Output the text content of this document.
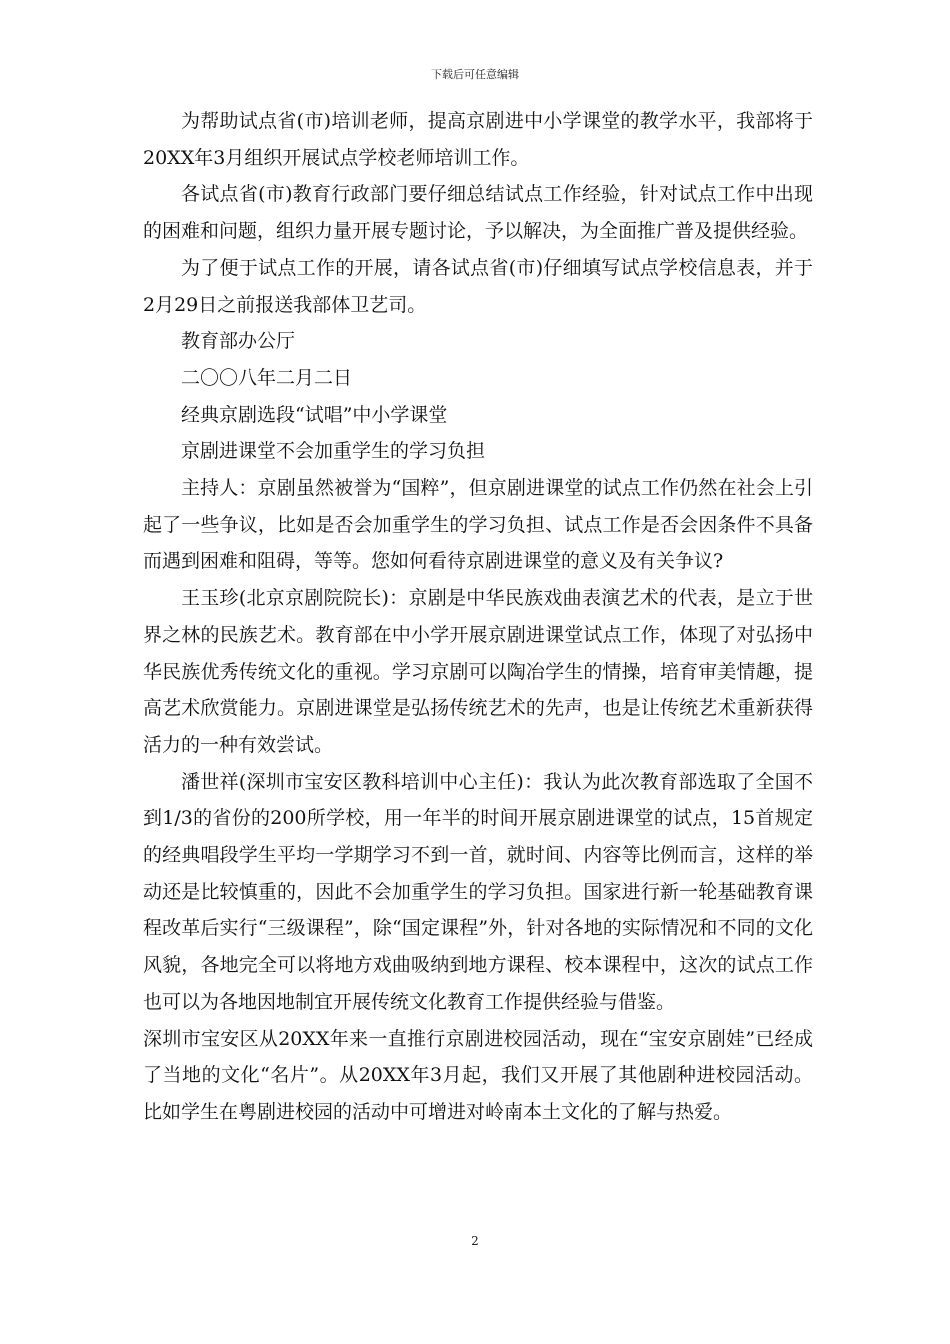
下载后可任意编辑

为帮助试点省(市)培训老师，提高京剧进中小学课堂的教学水平，我部将于20XX年3月组织开展试点学校老师培训工作。

各试点省(市)教育行政部门要仔细总结试点工作经验，针对试点工作中出现的困难和问题，组织力量开展专题讨论，予以解决，为全面推广普及提供经验。

为了便于试点工作的开展，请各试点省(市)仔细填写试点学校信息表，并于2月29日之前报送我部体卫艺司。

教育部办公厅

二〇〇八年二月二日

经典京剧选段“试唱”中小学课堂

京剧进课堂不会加重学生的学习负担

主持人：京剧虽然被誉为“国粹”，但京剧进课堂的试点工作仍然在社会上引起了一些争议，比如是否会加重学生的学习负担、试点工作是否会因条件不具备而遇到困难和阻碍，等等。您如何看待京剧进课堂的意义及有关争议?

王玉珍(北京京剧院院长)：京剧是中华民族戏曲表演艺术的代表，是立于世界之林的民族艺术。教育部在中小学开展京剧进课堂试点工作，体现了对弘扬中华民族优秀传统文化的重视。学习京剧可以陶冶学生的情操，培育审美情趣，提高艺术欣赏能力。京剧进课堂是弘扬传统艺术的先声，也是让传统艺术重新获得活力的一种有效尝试。

潘世祥(深圳市宝安区教科培训中心主任)：我认为此次教育部选取了全国不到1/3的省份的200所学校，用一年半的时间开展京剧进课堂的试点，15首规定的经典唱段学生平均一学期学习不到一首，就时间、内容等比例而言，这样的举动还是比较慎重的，因此不会加重学生的学习负担。国家进行新一轮基础教育课程改革后实行“三级课程”，除“国定课程”外，针对各地的实际情况和不同的文化风貌，各地完全可以将地方戏曲吸纳到地方课程、校本课程中，这次的试点工作也可以为各地因地制宜开展传统文化教育工作提供经验与借鉴。

深圳市宝安区从20XX年来一直推行京剧进校园活动，现在“宝安京剧娃”已经成了当地的文化“名片”。从20XX年3月起，我们又开展了其他剧种进校园活动。比如学生在粤剧进校园的活动中可增进对岭南本土文化的了解与热爱。

2
